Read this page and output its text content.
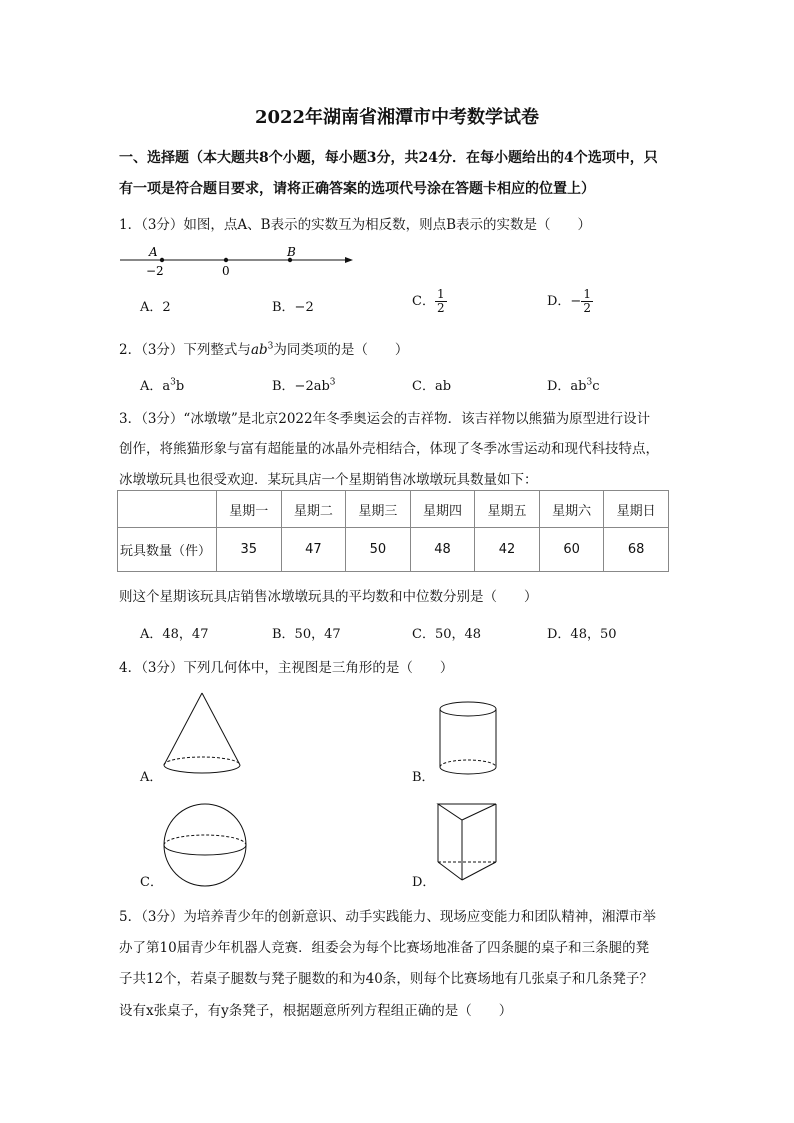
2022年湖南省湘潭市中考数学试卷
一、选择题（本大题共8个小题，每小题3分，共24分．在每小题给出的4个选项中，只
有一项是符合题目要求，请将正确答案的选项代号涂在答题卡相应的位置上）
1．（3分）如图，点A、B表示的实数互为相反数，则点B表示的实数是（　　）
A	B
−2	0
A．2	B．−2	C． $\frac{1}{2}$	D．− $\frac{1}{2}$
2．（3分）下列整式与$ab^3$为同类项的是（　　）
A．$a^3b$	B．$-2ab^3$	C．ab	D．$ab^3c$
3．（3分）“冰墩墩”是北京2022年冬季奥运会的吉祥物．该吉祥物以熊猫为原型进行设计
创作，将熊猫形象与富有超能量的冰晶外壳相结合，体现了冬季冰雪运动和现代科技特点，
冰墩墩玩具也很受欢迎．某玩具店一个星期销售冰墩墩玩具数量如下：
	星期一	星期二	星期三	星期四	星期五	星期六	星期日
玩具数量（件）	35	47	50	48	42	60	68
则这个星期该玩具店销售冰墩墩玩具的平均数和中位数分别是（　　）
A．48，47	B．50，47	C．50，48	D．48，50
4．（3分）下列几何体中，主视图是三角形的是（　　）
A．	B．
C．	D．
5．（3分）为培养青少年的创新意识、动手实践能力、现场应变能力和团队精神，湘潭市举
办了第10届青少年机器人竞赛．组委会为每个比赛场地准备了四条腿的桌子和三条腿的凳
子共12个，若桌子腿数与凳子腿数的和为40条，则每个比赛场地有几张桌子和几条凳子？
设有x张桌子，有y条凳子，根据题意所列方程组正确的是（　　）
